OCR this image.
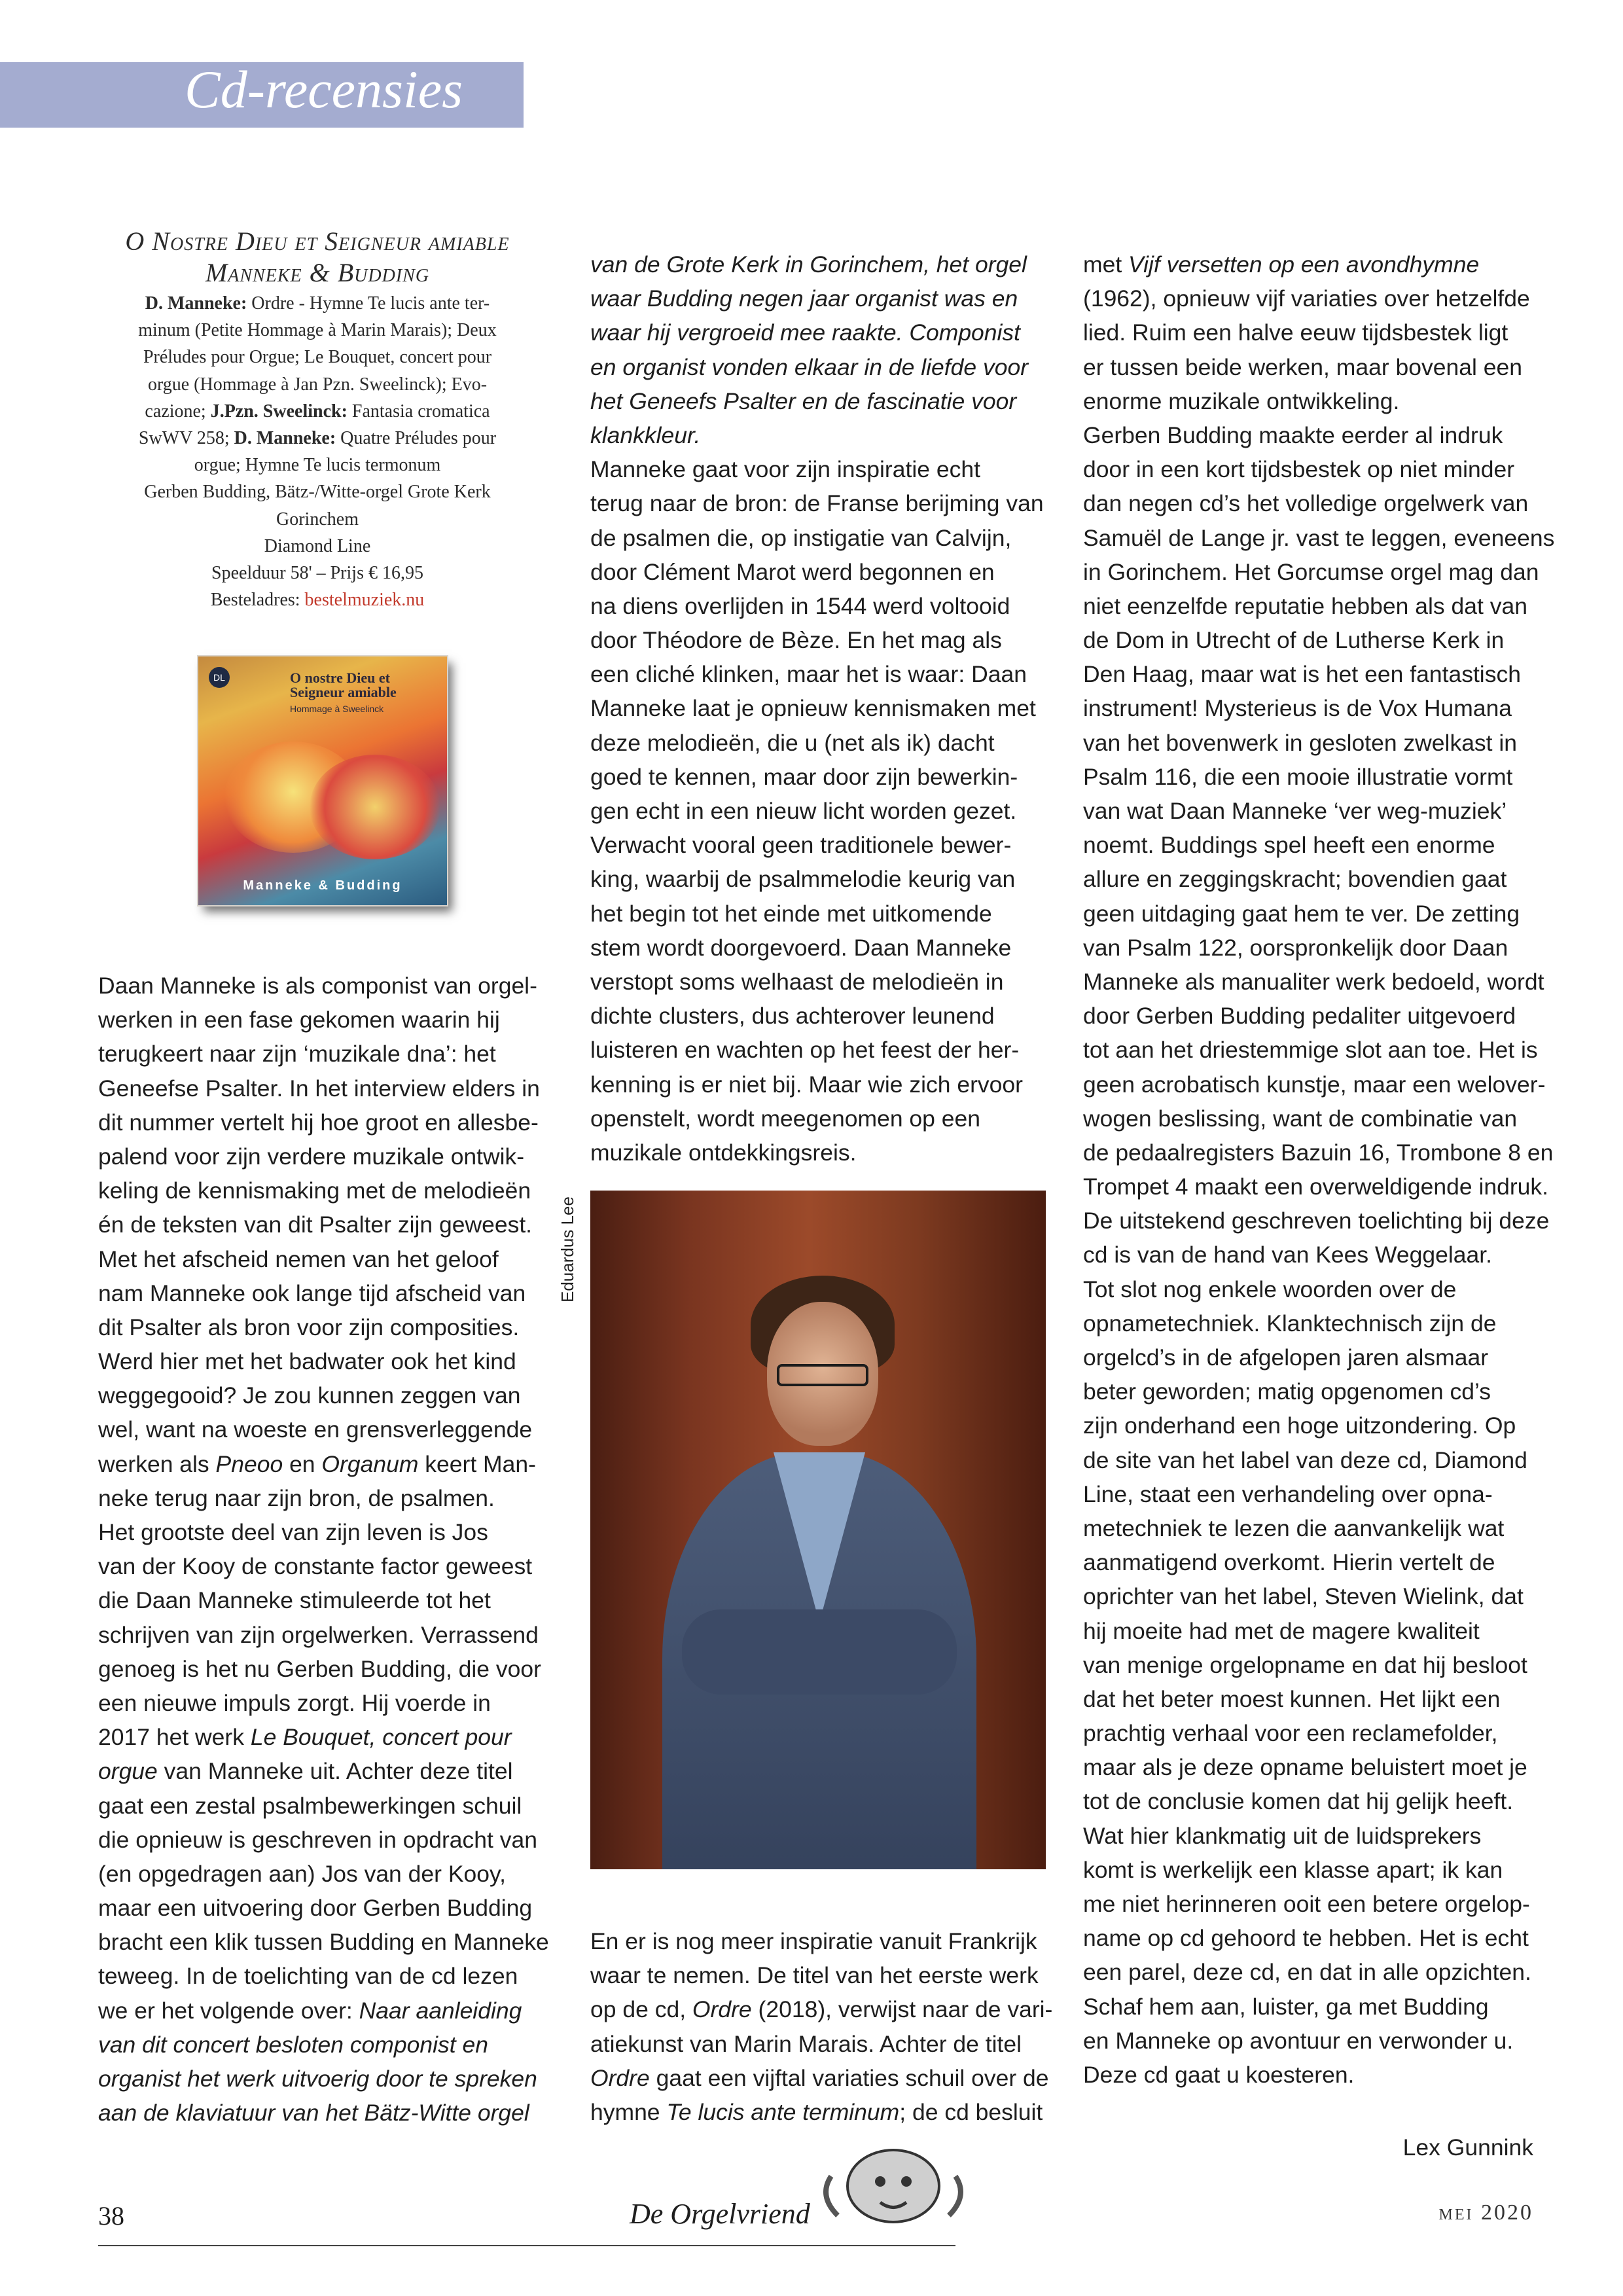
Cd-recensies
O Nostre Dieu et Seigneur amiable
Manneke & Budding
D. Manneke: Ordre - Hymne Te lucis ante ter-
minum (Petite Hommage à Marin Marais); Deux
Préludes pour Orgue; Le Bouquet, concert pour
orgue (Hommage à Jan Pzn. Sweelinck); Evo-
cazione; J.Pzn. Sweelinck: Fantasia cromatica
SwWV 258; D. Manneke: Quatre Préludes pour
orgue; Hymne Te lucis termonum
Gerben Budding, Bätz-/Witte-orgel Grote Kerk
Gorinchem
Diamond Line
Speelduur 58' – Prijs € 16,95
Besteladres: bestelmuziek.nu
DL	O nostre Dieu et Seigneur amiable
Hommage à Sweelinck
Manneke & Budding
Daan Manneke is als componist van orgel-
werken in een fase gekomen waarin hij
terugkeert naar zijn ‘muzikale dna’: het
Geneefse Psalter. In het interview elders in
dit nummer vertelt hij hoe groot en allesbe-
palend voor zijn verdere muzikale ontwik-
keling de kennismaking met de melodieën
én de teksten van dit Psalter zijn geweest.
Met het afscheid nemen van het geloof
nam Manneke ook lange tijd afscheid van
dit Psalter als bron voor zijn composities.
Werd hier met het badwater ook het kind
weggegooid? Je zou kunnen zeggen van
wel, want na woeste en grensverleggende
werken als Pneoo en Organum keert Man-
neke terug naar zijn bron, de psalmen.
Het grootste deel van zijn leven is Jos
van der Kooy de constante factor geweest
die Daan Manneke stimuleerde tot het
schrijven van zijn orgelwerken. Verrassend
genoeg is het nu Gerben Budding, die voor
een nieuwe impuls zorgt. Hij voerde in
2017 het werk Le Bouquet, concert pour
orgue van Manneke uit. Achter deze titel
gaat een zestal psalmbewerkingen schuil
die opnieuw is geschreven in opdracht van
(en opgedragen aan) Jos van der Kooy,
maar een uitvoering door Gerben Budding
bracht een klik tussen Budding en Manneke
teweeg. In de toelichting van de cd lezen
we er het volgende over: Naar aanleiding
van dit concert besloten componist en
organist het werk uitvoerig door te spreken
aan de klaviatuur van het Bätz-Witte orgel
van de Grote Kerk in Gorinchem, het orgel
waar Budding negen jaar organist was en
waar hij vergroeid mee raakte. Componist
en organist vonden elkaar in de liefde voor
het Geneefs Psalter en de fascinatie voor
klankkleur.
Manneke gaat voor zijn inspiratie echt
terug naar de bron: de Franse berijming van
de psalmen die, op instigatie van Calvijn,
door Clément Marot werd begonnen en
na diens overlijden in 1544 werd voltooid
door Théodore de Bèze. En het mag als
een cliché klinken, maar het is waar: Daan
Manneke laat je opnieuw kennismaken met
deze melodieën, die u (net als ik) dacht
goed te kennen, maar door zijn bewerkin-
gen echt in een nieuw licht worden gezet.
Verwacht vooral geen traditionele bewer-
king, waarbij de psalmmelodie keurig van
het begin tot het einde met uitkomende
stem wordt doorgevoerd. Daan Manneke
verstopt soms welhaast de melodieën in
dichte clusters, dus achterover leunend
luisteren en wachten op het feest der her-
kenning is er niet bij. Maar wie zich ervoor
openstelt, wordt meegenomen op een
muzikale ontdekkingsreis.
Eduardus Lee
En er is nog meer inspiratie vanuit Frankrijk
waar te nemen. De titel van het eerste werk
op de cd, Ordre (2018), verwijst naar de vari-
atiekunst van Marin Marais. Achter de titel
Ordre gaat een vijftal variaties schuil over de
hymne Te lucis ante terminum; de cd besluit
met Vijf versetten op een avondhymne
(1962), opnieuw vijf variaties over hetzelfde
lied. Ruim een halve eeuw tijdsbestek ligt
er tussen beide werken, maar bovenal een
enorme muzikale ontwikkeling.
Gerben Budding maakte eerder al indruk
door in een kort tijdsbestek op niet minder
dan negen cd’s het volledige orgelwerk van
Samuël de Lange jr. vast te leggen, eveneens
in Gorinchem. Het Gorcumse orgel mag dan
niet eenzelfde reputatie hebben als dat van
de Dom in Utrecht of de Lutherse Kerk in
Den Haag, maar wat is het een fantastisch
instrument! Mysterieus is de Vox Humana
van het bovenwerk in gesloten zwelkast in
Psalm 116, die een mooie illustratie vormt
van wat Daan Manneke ‘ver weg-muziek’
noemt. Buddings spel heeft een enorme
allure en zeggingskracht; bovendien gaat
geen uitdaging gaat hem te ver. De zetting
van Psalm 122, oorspronkelijk door Daan
Manneke als manualiter werk bedoeld, wordt
door Gerben Budding pedaliter uitgevoerd
tot aan het driestemmige slot aan toe. Het is
geen acrobatisch kunstje, maar een welover-
wogen beslissing, want de combinatie van
de pedaalregisters Bazuin 16, Trombone 8 en
Trompet 4 maakt een overweldigende indruk.
De uitstekend geschreven toelichting bij deze
cd is van de hand van Kees Weggelaar.
Tot slot nog enkele woorden over de
opnametechniek. Klanktechnisch zijn de
orgelcd’s in de afgelopen jaren alsmaar
beter geworden; matig opgenomen cd’s
zijn onderhand een hoge uitzondering. Op
de site van het label van deze cd, Diamond
Line, staat een verhandeling over opna-
metechniek te lezen die aanvankelijk wat
aanmatigend overkomt. Hierin vertelt de
oprichter van het label, Steven Wielink, dat
hij moeite had met de magere kwaliteit
van menige orgelopname en dat hij besloot
dat het beter moest kunnen. Het lijkt een
prachtig verhaal voor een reclamefolder,
maar als je deze opname beluistert moet je
tot de conclusie komen dat hij gelijk heeft.
Wat hier klankmatig uit de luidsprekers
komt is werkelijk een klasse apart; ik kan
me niet herinneren ooit een betere orgelop-
name op cd gehoord te hebben. Het is echt
een parel, deze cd, en dat in alle opzichten.
Schaf hem aan, luister, ga met Budding
en Manneke op avontuur en verwonder u.
Deze cd gaat u koesteren.
Lex Gunnink
38	De Orgelvriend	mei 2020
